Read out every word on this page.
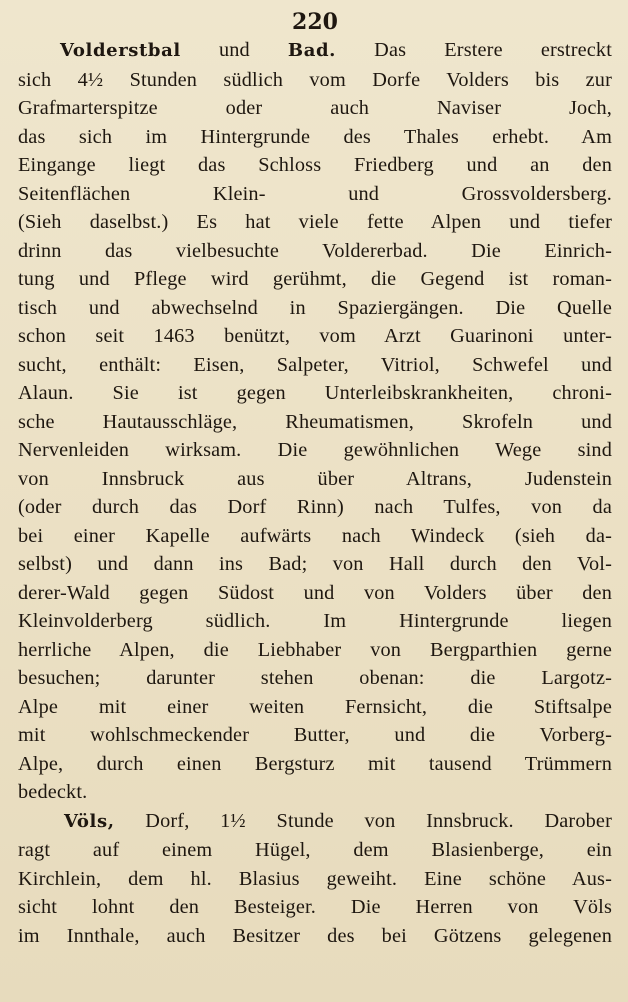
220
Volderstbal und Bad. Das Erstere erstreckt
sich 4½ Stunden südlich vom Dorfe Volders bis zur
Grafmarterspitze oder auch Naviser Joch,
das sich im Hintergrunde des Thales erhebt. Am
Eingange liegt das Schloss Friedberg und an den
Seitenflächen Klein- und Grossvoldersberg.
(Sieh daselbst.) Es hat viele fette Alpen und tiefer
drinn das vielbesuchte Voldererbad. Die Einrich-
tung und Pflege wird gerühmt, die Gegend ist roman-
tisch und abwechselnd in Spaziergängen. Die Quelle
schon seit 1463 benützt, vom Arzt Guarinoni unter-
sucht, enthält: Eisen, Salpeter, Vitriol, Schwefel und
Alaun. Sie ist gegen Unterleibskrankheiten, chroni-
sche Hautausschläge, Rheumatismen, Skrofeln und
Nervenleiden wirksam. Die gewöhnlichen Wege sind
von Innsbruck aus über Altrans, Judenstein
(oder durch das Dorf Rinn) nach Tulfes, von da
bei einer Kapelle aufwärts nach Windeck (sieh da-
selbst) und dann ins Bad; von Hall durch den Vol-
derer-Wald gegen Südost und von Volders über den
Kleinvolderberg südlich. Im Hintergrunde liegen
herrliche Alpen, die Liebhaber von Bergparthien gerne
besuchen; darunter stehen obenan: die Largotz-
Alpe mit einer weiten Fernsicht, die Stiftsalpe
mit wohlschmeckender Butter, und die Vorberg-
Alpe, durch einen Bergsturz mit tausend Trümmern
bedeckt.
Völs, Dorf, 1½ Stunde von Innsbruck. Darober
ragt auf einem Hügel, dem Blasienberge, ein
Kirchlein, dem hl. Blasius geweiht. Eine schöne Aus-
sicht lohnt den Besteiger. Die Herren von Völs
im Innthale, auch Besitzer des bei Götzens gelegenen
